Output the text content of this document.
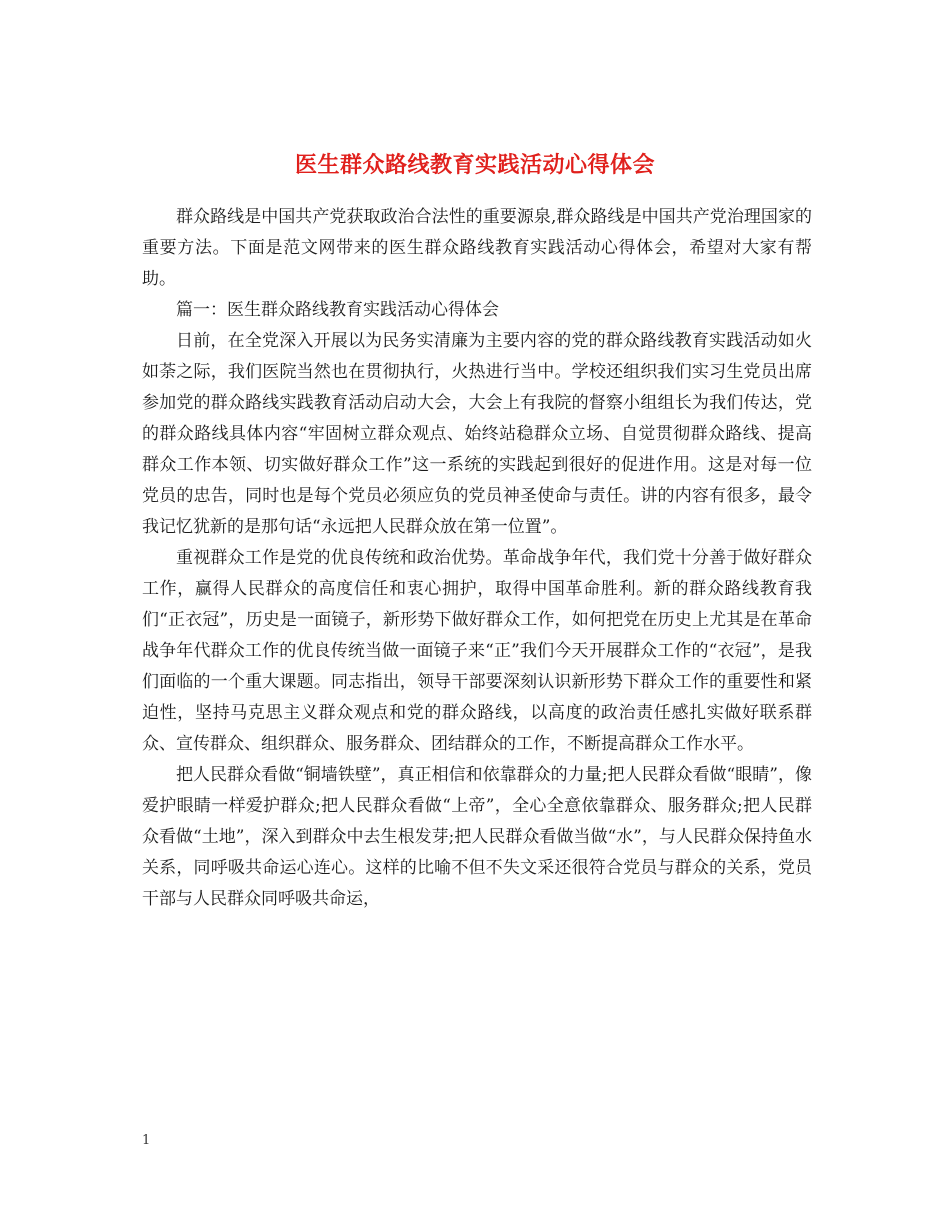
医生群众路线教育实践活动心得体会

群众路线是中国共产党获取政治合法性的重要源泉,群众路线是中国共产党治理国家的重要方法。下面是范文网带来的医生群众路线教育实践活动心得体会，希望对大家有帮助。

篇一：医生群众路线教育实践活动心得体会

日前，在全党深入开展以为民务实清廉为主要内容的党的群众路线教育实践活动如火如荼之际，我们医院当然也在贯彻执行，火热进行当中。学校还组织我们实习生党员出席参加党的群众路线实践教育活动启动大会，大会上有我院的督察小组组长为我们传达，党的群众路线具体内容“牢固树立群众观点、始终站稳群众立场、自觉贯彻群众路线、提高群众工作本领、切实做好群众工作”这一系统的实践起到很好的促进作用。这是对每一位党员的忠告，同时也是每个党员必须应负的党员神圣使命与责任。讲的内容有很多，最令我记忆犹新的是那句话“永远把人民群众放在第一位置”。

重视群众工作是党的优良传统和政治优势。革命战争年代，我们党十分善于做好群众工作，赢得人民群众的高度信任和衷心拥护，取得中国革命胜利。新的群众路线教育我们“正衣冠”，历史是一面镜子，新形势下做好群众工作，如何把党在历史上尤其是在革命战争年代群众工作的优良传统当做一面镜子来“正”我们今天开展群众工作的“衣冠”，是我们面临的一个重大课题。同志指出，领导干部要深刻认识新形势下群众工作的重要性和紧迫性，坚持马克思主义群众观点和党的群众路线，以高度的政治责任感扎实做好联系群众、宣传群众、组织群众、服务群众、团结群众的工作，不断提高群众工作水平。

把人民群众看做“铜墙铁壁”，真正相信和依靠群众的力量;把人民群众看做“眼睛”，像爱护眼睛一样爱护群众;把人民群众看做“上帝”，全心全意依靠群众、服务群众;把人民群众看做“土地”，深入到群众中去生根发芽;把人民群众看做当做“水”，与人民群众保持鱼水关系，同呼吸共命运心连心。这样的比喻不但不失文采还很符合党员与群众的关系，党员干部与人民群众同呼吸共命运，

1
